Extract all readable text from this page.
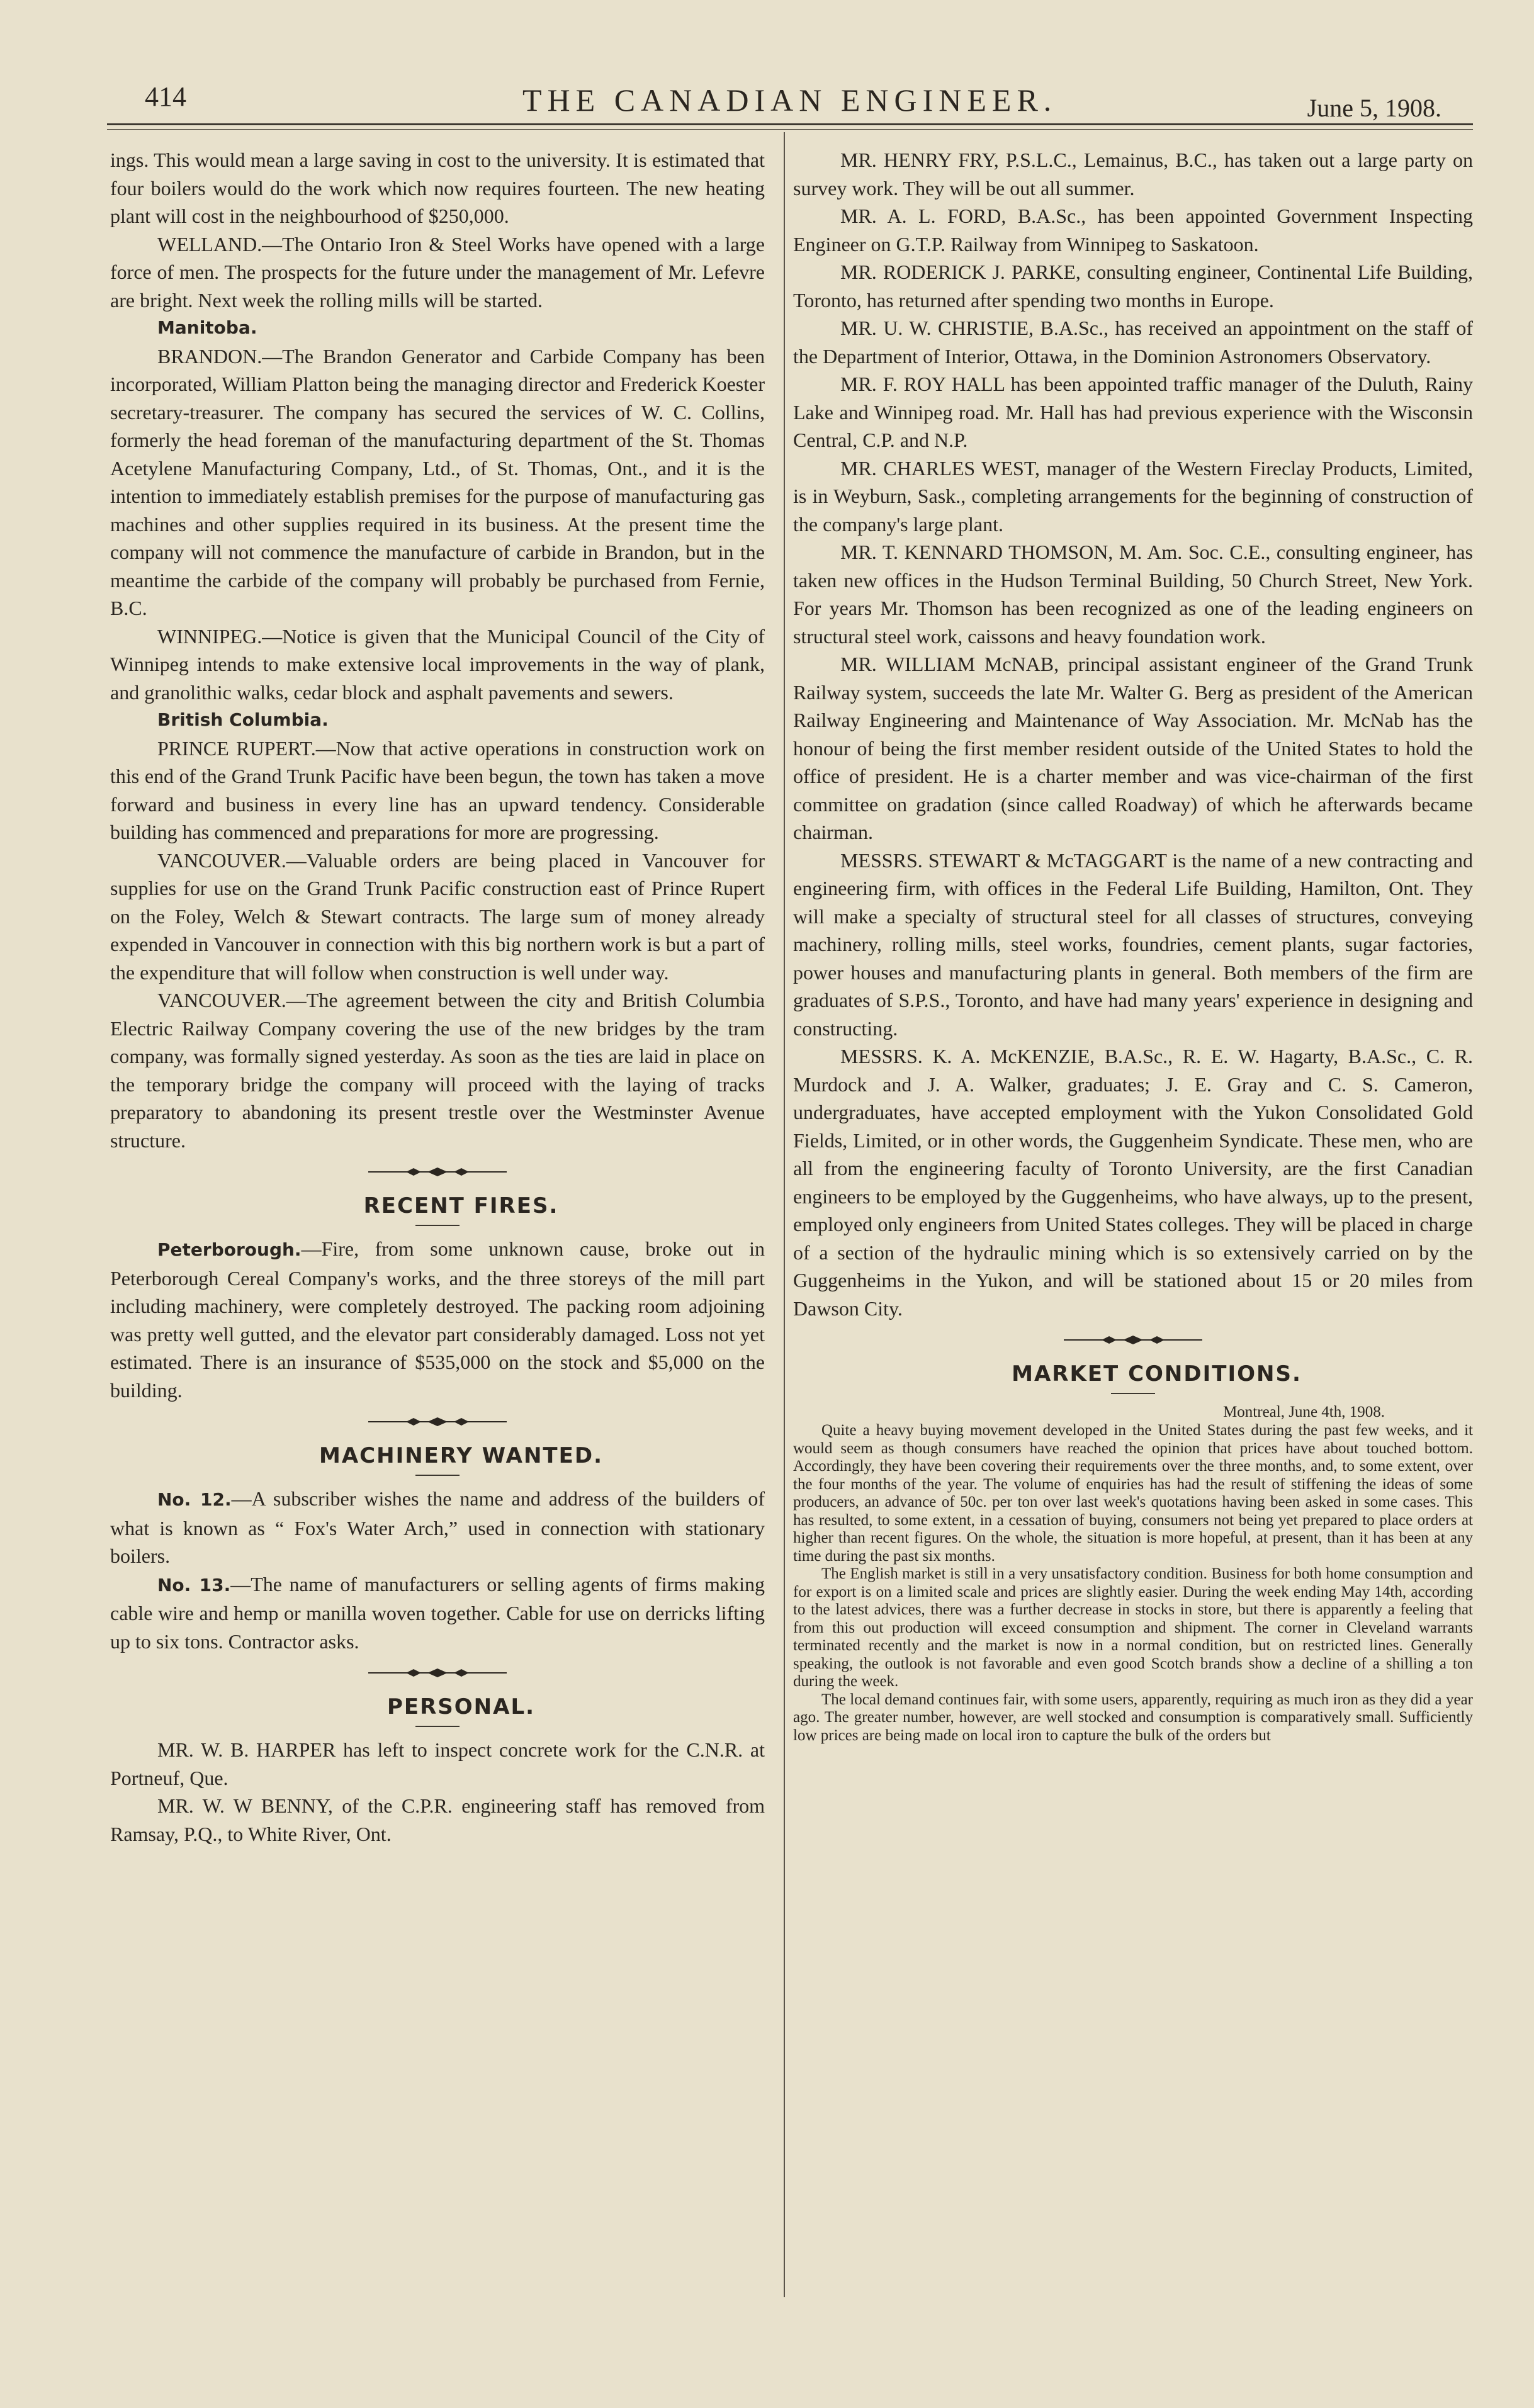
414	THE CANADIAN ENGINEER.	June 5, 1908.

ings. This would mean a large saving in cost to the university. It is estimated that four boilers would do the work which now requires fourteen. The new heating plant will cost in the neighbourhood of $250,000.

WELLAND.—The Ontario Iron & Steel Works have opened with a large force of men. The prospects for the future under the management of Mr. Lefevre are bright. Next week the rolling mills will be started.

Manitoba.

BRANDON.—The Brandon Generator and Carbide Company has been incorporated, William Platton being the managing director and Frederick Koester secretary-treasurer. The company has secured the services of W. C. Collins, formerly the head foreman of the manufacturing department of the St. Thomas Acetylene Manufacturing Company, Ltd., of St. Thomas, Ont., and it is the intention to immediately establish premises for the purpose of manufacturing gas machines and other supplies required in its business. At the present time the company will not commence the manufacture of carbide in Brandon, but in the meantime the carbide of the company will probably be purchased from Fernie, B.C.

WINNIPEG.—Notice is given that the Municipal Council of the City of Winnipeg intends to make extensive local improvements in the way of plank, and granolithic walks, cedar block and asphalt pavements and sewers.

British Columbia.

PRINCE RUPERT.—Now that active operations in construction work on this end of the Grand Trunk Pacific have been begun, the town has taken a move forward and business in every line has an upward tendency. Considerable building has commenced and preparations for more are progressing.

VANCOUVER.—Valuable orders are being placed in Vancouver for supplies for use on the Grand Trunk Pacific construction east of Prince Rupert on the Foley, Welch & Stewart contracts. The large sum of money already expended in Vancouver in connection with this big northern work is but a part of the expenditure that will follow when construction is well under way.

VANCOUVER.—The agreement between the city and British Columbia Electric Railway Company covering the use of the new bridges by the tram company, was formally signed yesterday. As soon as the ties are laid in place on the temporary bridge the company will proceed with the laying of tracks preparatory to abandoning its present trestle over the Westminster Avenue structure.

RECENT FIRES.

Peterborough.—Fire, from some unknown cause, broke out in Peterborough Cereal Company's works, and the three storeys of the mill part including machinery, were completely destroyed. The packing room adjoining was pretty well gutted, and the elevator part considerably damaged. Loss not yet estimated. There is an insurance of $535,000 on the stock and $5,000 on the building.

MACHINERY WANTED.

No. 12.—A subscriber wishes the name and address of the builders of what is known as “ Fox's Water Arch,” used in connection with stationary boilers.

No. 13.—The name of manufacturers or selling agents of firms making cable wire and hemp or manilla woven together. Cable for use on derricks lifting up to six tons. Contractor asks.

PERSONAL.

MR. W. B. HARPER has left to inspect concrete work for the C.N.R. at Portneuf, Que.

MR. W. W BENNY, of the C.P.R. engineering staff has removed from Ramsay, P.Q., to White River, Ont.

MR. HENRY FRY, P.S.L.C., Lemainus, B.C., has taken out a large party on survey work. They will be out all summer.

MR. A. L. FORD, B.A.Sc., has been appointed Government Inspecting Engineer on G.T.P. Railway from Winnipeg to Saskatoon.

MR. RODERICK J. PARKE, consulting engineer, Continental Life Building, Toronto, has returned after spending two months in Europe.

MR. U. W. CHRISTIE, B.A.Sc., has received an appointment on the staff of the Department of Interior, Ottawa, in the Dominion Astronomers Observatory.

MR. F. ROY HALL has been appointed traffic manager of the Duluth, Rainy Lake and Winnipeg road. Mr. Hall has had previous experience with the Wisconsin Central, C.P. and N.P.

MR. CHARLES WEST, manager of the Western Fireclay Products, Limited, is in Weyburn, Sask., completing arrangements for the beginning of construction of the company's large plant.

MR. T. KENNARD THOMSON, M. Am. Soc. C.E., consulting engineer, has taken new offices in the Hudson Terminal Building, 50 Church Street, New York. For years Mr. Thomson has been recognized as one of the leading engineers on structural steel work, caissons and heavy foundation work.

MR. WILLIAM McNAB, principal assistant engineer of the Grand Trunk Railway system, succeeds the late Mr. Walter G. Berg as president of the American Railway Engineering and Maintenance of Way Association. Mr. McNab has the honour of being the first member resident outside of the United States to hold the office of president. He is a charter member and was vice-chairman of the first committee on gradation (since called Roadway) of which he afterwards became chairman.

MESSRS. STEWART & McTAGGART is the name of a new contracting and engineering firm, with offices in the Federal Life Building, Hamilton, Ont. They will make a specialty of structural steel for all classes of structures, conveying machinery, rolling mills, steel works, foundries, cement plants, sugar factories, power houses and manufacturing plants in general. Both members of the firm are graduates of S.P.S., Toronto, and have had many years' experience in designing and constructing.

MESSRS. K. A. McKENZIE, B.A.Sc., R. E. W. Hagarty, B.A.Sc., C. R. Murdock and J. A. Walker, graduates; J. E. Gray and C. S. Cameron, undergraduates, have accepted employment with the Yukon Consolidated Gold Fields, Limited, or in other words, the Guggenheim Syndicate. These men, who are all from the engineering faculty of Toronto University, are the first Canadian engineers to be employed by the Guggenheims, who have always, up to the present, employed only engineers from United States colleges. They will be placed in charge of a section of the hydraulic mining which is so extensively carried on by the Guggenheims in the Yukon, and will be stationed about 15 or 20 miles from Dawson City.

MARKET CONDITIONS.

Montreal, June 4th, 1908.

Quite a heavy buying movement developed in the United States during the past few weeks, and it would seem as though consumers have reached the opinion that prices have about touched bottom. Accordingly, they have been covering their requirements over the three months, and, to some extent, over the four months of the year. The volume of enquiries has had the result of stiffening the ideas of some producers, an advance of 50c. per ton over last week's quotations having been asked in some cases. This has resulted, to some extent, in a cessation of buying, consumers not being yet prepared to place orders at higher than recent figures. On the whole, the situation is more hopeful, at present, than it has been at any time during the past six months.

The English market is still in a very unsatisfactory condition. Business for both home consumption and for export is on a limited scale and prices are slightly easier. During the week ending May 14th, according to the latest advices, there was a further decrease in stocks in store, but there is apparently a feeling that from this out production will exceed consumption and shipment. The corner in Cleveland warrants terminated recently and the market is now in a normal condition, but on restricted lines. Generally speaking, the outlook is not favorable and even good Scotch brands show a decline of a shilling a ton during the week.

The local demand continues fair, with some users, apparently, requiring as much iron as they did a year ago. The greater number, however, are well stocked and consumption is comparatively small. Sufficiently low prices are being made on local iron to capture the bulk of the orders but
